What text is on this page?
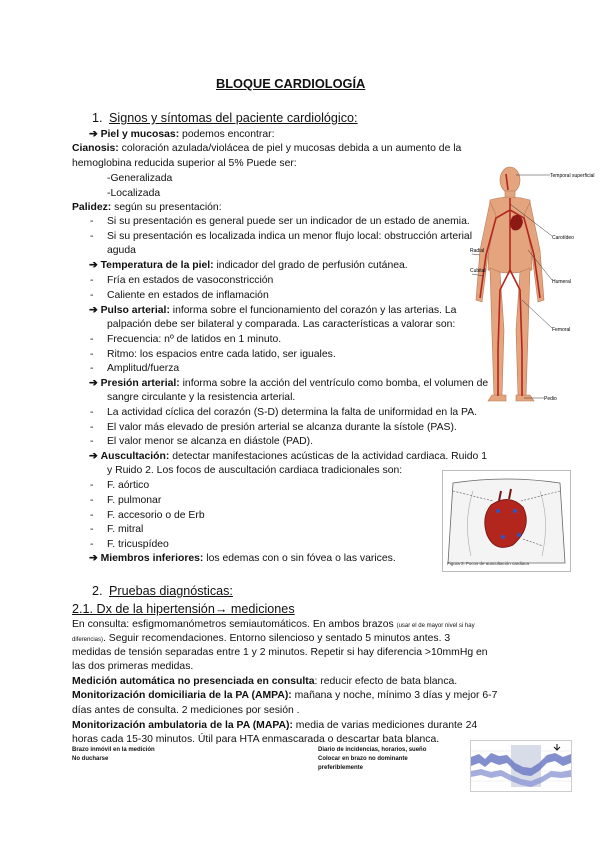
BLOQUE CARDIOLOGÍA
1. Signos y síntomas del paciente cardiológico:
➔ Piel y mucosas: podemos encontrar:
Cianosis: coloración azulada/violácea de piel y mucosas debida a un aumento de la
hemoglobina reducida superior al 5% Puede ser:
-Generalizada
-Localizada
Palidez: según su presentación:
- Si su presentación es general puede ser un indicador de un estado de anemia.
- Si su presentación es localizada indica un menor flujo local: obstrucción arterial
aguda
➔ Temperatura de la piel: indicador del grado de perfusión cutánea.
- Fría en estados de vasoconstricción
- Caliente en estados de inflamación
➔ Pulso arterial: informa sobre el funcionamiento del corazón y las arterias. La
palpación debe ser bilateral y comparada. Las características a valorar son:
- Frecuencia: nº de latidos en 1 minuto.
- Ritmo: los espacios entre cada latido, ser iguales.
- Amplitud/fuerza
➔ Presión arterial: informa sobre la acción del ventrículo como bomba, el volumen de
sangre circulante y la resistencia arterial.
- La actividad cíclica del corazón (S-D) determina la falta de uniformidad en la PA.
- El valor más elevado de presión arterial se alcanza durante la sístole (PAS).
- El valor menor se alcanza en diástole (PAD).
➔ Auscultación: detectar manifestaciones acústicas de la actividad cardiaca. Ruido 1
y Ruido 2. Los focos de auscultación cardiaca tradicionales son:
- F. aórtico
- F. pulmonar
- F. accesorio o de Erb
- F. mitral
- F. tricuspídeo
➔ Miembros inferiores: los edemas con o sin fóvea o las varices.
2. Pruebas diagnósticas:
2.1. Dx de la hipertensión→ mediciones
En consulta: esfigmomanómetros semiautomáticos. En ambos brazos (usar el de mayor nivel si hay
diferencias). Seguir recomendaciones. Entorno silencioso y sentado 5 minutos antes. 3
medidas de tensión separadas entre 1 y 2 minutos. Repetir si hay diferencia >10mmHg en
las dos primeras medidas.
Medición automática no presenciada en consulta: reducir efecto de bata blanca.
Monitorización domiciliaria de la PA (AMPA): mañana y noche, mínimo 3 días y mejor 6-7
días antes de consulta. 2 mediciones por sesión .
Monitorización ambulatoria de la PA (MAPA): media de varias mediciones durante 24
horas cada 15-30 minutos. Útil para HTA enmascarada o descartar bata blanca.
Brazo inmóvil en la medición
No ducharse
Diario de incidencias, horarios, sueño
Colocar en brazo no dominante
preferiblemente
Temporal superficial
Carotídeo
Humeral
Radial
Cubital
Femoral
Pedio
Figura 3. Focos de auscultación cardiaca
